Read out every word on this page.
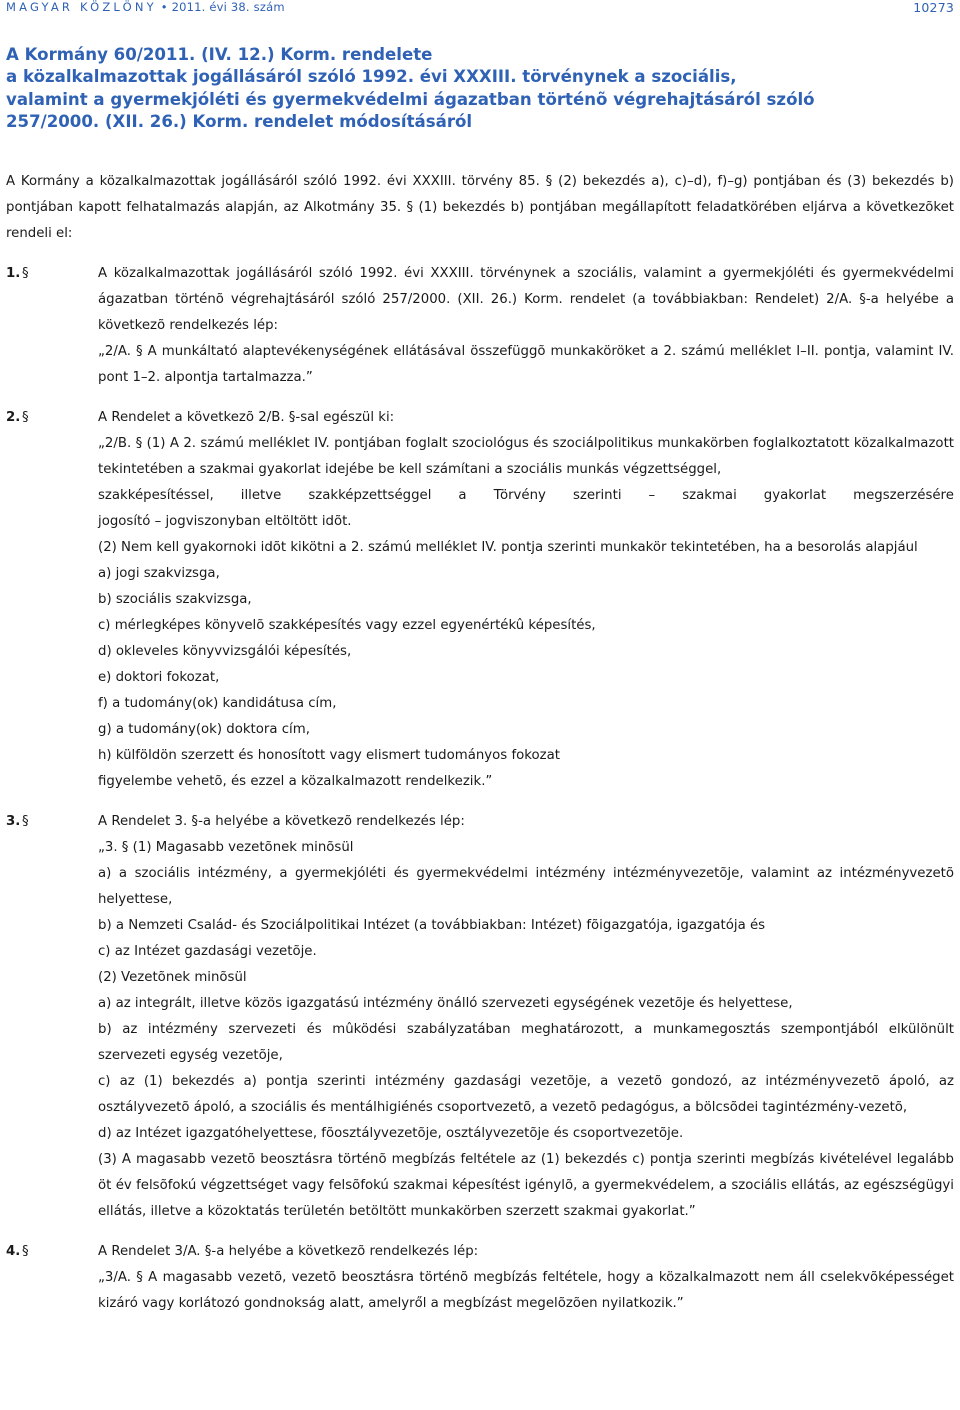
MAGYAR KÖZLÖNY • 2011. évi 38. szám	10273
A Kormány 60/2011. (IV. 12.) Korm. rendelete
a közalkalmazottak jogállásáról szóló 1992. évi XXXIII. törvénynek a szociális,
valamint a gyermekjóléti és gyermekvédelmi ágazatban történõ végrehajtásáról szóló
257/2000. (XII. 26.) Korm. rendelet módosításáról

A Kormány a közalkalmazottak jogállásáról szóló 1992. évi XXXIII. törvény 85. § (2) bekezdés a), c)–d), f)–g) pontjában és (3) bekezdés b) pontjában kapott felhatalmazás alapján, az Alkotmány 35. § (1) bekezdés b) pontjában megállapított feladatkörében eljárva a következõket rendeli el:

1. §	A közalkalmazottak jogállásáról szóló 1992. évi XXXIII. törvénynek a szociális, valamint a gyermekjóléti és gyermekvédelmi ágazatban történõ végrehajtásáról szóló 257/2000. (XII. 26.) Korm. rendelet (a továbbiakban: Rendelet) 2/A. §-a helyébe a következõ rendelkezés lép:

„2/A. § A munkáltató alaptevékenységének ellátásával összefüggõ munkaköröket a 2. számú melléklet I–II. pontja, valamint IV. pont 1–2. alpontja tartalmazza.”

2. §	A Rendelet a következõ 2/B. §-sal egészül ki:

„2/B. § (1) A 2. számú melléklet IV. pontjában foglalt szociológus és szociálpolitikus munkakörben foglalkoztatott közalkalmazott tekintetében a szakmai gyakorlat idejébe be kell számítani a szociális munkás végzettséggel,

szakképesítéssel, illetve szakképzettséggel a Törvény szerinti – szakmai gyakorlat megszerzésére

jogosító – jogviszonyban eltöltött idõt.

(2) Nem kell gyakornoki idõt kikötni a 2. számú melléklet IV. pontja szerinti munkakör tekintetében, ha a besorolás alapjául

a) jogi szakvizsga,

b) szociális szakvizsga,

c) mérlegképes könyvelõ szakképesítés vagy ezzel egyenértékû képesítés,

d) okleveles könyvvizsgálói képesítés,

e) doktori fokozat,

f) a tudomány(ok) kandidátusa cím,

g) a tudomány(ok) doktora cím,

h) külföldön szerzett és honosított vagy elismert tudományos fokozat

figyelembe vehetõ, és ezzel a közalkalmazott rendelkezik.”

3. §	A Rendelet 3. §-a helyébe a következõ rendelkezés lép:

„3. § (1) Magasabb vezetõnek minõsül

a) a szociális intézmény, a gyermekjóléti és gyermekvédelmi intézmény intézményvezetõje, valamint az intézményvezetõ helyettese,

b) a Nemzeti Család- és Szociálpolitikai Intézet (a továbbiakban: Intézet) fõigazgatója, igazgatója és

c) az Intézet gazdasági vezetõje.

(2) Vezetõnek minõsül

a) az integrált, illetve közös igazgatású intézmény önálló szervezeti egységének vezetõje és helyettese,

b) az intézmény szervezeti és mûködési szabályzatában meghatározott, a munkamegosztás szempontjából elkülönült szervezeti egység vezetõje,

c) az (1) bekezdés a) pontja szerinti intézmény gazdasági vezetõje, a vezetõ gondozó, az intézményvezetõ ápoló, az osztályvezetõ ápoló, a szociális és mentálhigiénés csoportvezetõ, a vezetõ pedagógus, a bölcsõdei tagintézmény-vezetõ,

d) az Intézet igazgatóhelyettese, fõosztályvezetõje, osztályvezetõje és csoportvezetõje.

(3) A magasabb vezetõ beosztásra történõ megbízás feltétele az (1) bekezdés c) pontja szerinti megbízás kivételével legalább öt év felsõfokú végzettséget vagy felsõfokú szakmai képesítést igénylõ, a gyermekvédelem, a szociális ellátás, az egészségügyi ellátás, illetve a közoktatás területén betöltött munkakörben szerzett szakmai gyakorlat.”

4. §	A Rendelet 3/A. §-a helyébe a következõ rendelkezés lép:

„3/A. § A magasabb vezetõ, vezetõ beosztásra történõ megbízás feltétele, hogy a közalkalmazott nem áll cselekvõképességet kizáró vagy korlátozó gondnokság alatt, amelyről a megbízást megelõzõen nyilatkozik.”
